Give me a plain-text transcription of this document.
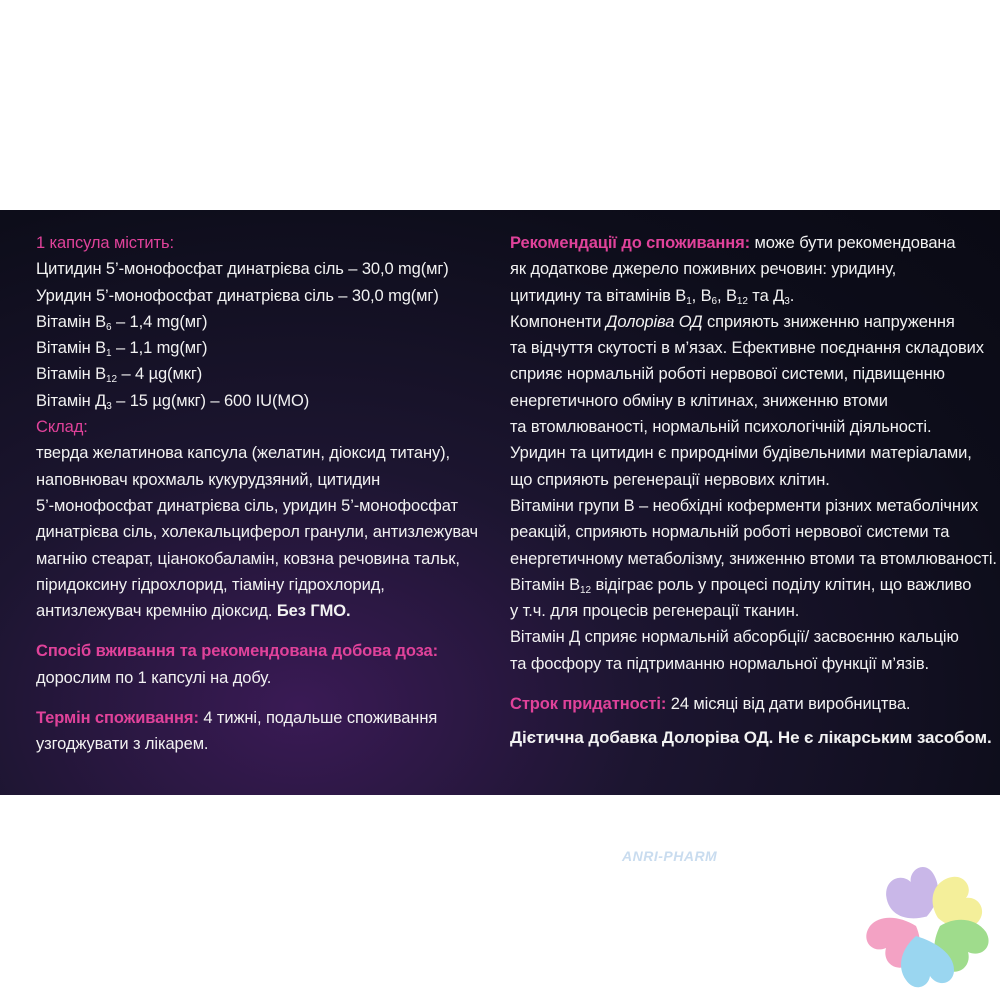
1 капсула містить:
Цитидин 5’-монофосфат динатрієва сіль – 30,0 mg(мг)
Уридин 5’-монофосфат динатрієва сіль – 30,0 mg(мг)
Вітамін $В_6 - 1,4$ mg(мг)
Вітамін $В_1 - 1,1$ mg(мг)
Вітамін $В_{12} - 4$ µg(мкг)
Вітамін $Д_3 - 15$ µg(мкг) – 600 IU(МО)
Склад:
тверда желатинова капсула (желатин, діоксид титану),
наповнювач крохмаль кукурудзяний, цитидин
5’-монофосфат динатрієва сіль, уридин 5’-монофосфат
динатрієва сіль, холекальциферол гранули, антизлежувач
магнію стеарат, ціанокобаламін, ковзна речовина тальк,
піридоксину гідрохлорид, тіаміну гідрохлорид,
антизлежувач кремнію діоксид. Без ГМО.
Спосіб вживання та рекомендована добова доза:
дорослим по 1 капсулі на добу.
Термін споживання: 4 тижні, подальше споживання
узгоджувати з лікарем.
Рекомендації до споживання: може бути рекомендована
як додаткове джерело поживних речовин: уридину,
цитидину та вітамінів $В_1$, $В_6$, $В_{12}$ та $Д_3$.
Компоненти Долорів‌а ОД сприяють зниженню напруження
та відчуття скутості в м’язах. Ефективне поєднання складових
сприяє нормальній роботі нервової системи, підвищенню
енергетичного обміну в клітинах, зниженню втоми
та втомлюваності, нормальній психологічній діяльності.
Уридин та цитидин є природніми будівельними матеріалами,
що сприяють регенерації нервових клітин.
Вітаміни групи В – необхідні коферменти різних метаболічних
реакцій, сприяють нормальній роботі нервової системи та
енергетичному метаболізму, зниженню втоми та втомлюваності.
Вітамін $В_{12}$ відіграє роль у процесі поділу клітин, що важливо
у т.ч. для процесів регенерації тканин.
Вітамін Д сприяє нормальній абсорбції/ засвоєнню кальцію
та фосфору та підтриманню нормальної функції м’язів.
Строк придатності: 24 місяці від дати виробництва.
Дієтична добавка Долоріва ОД. Не є лікарським засобом.
ANRI-PHARM
